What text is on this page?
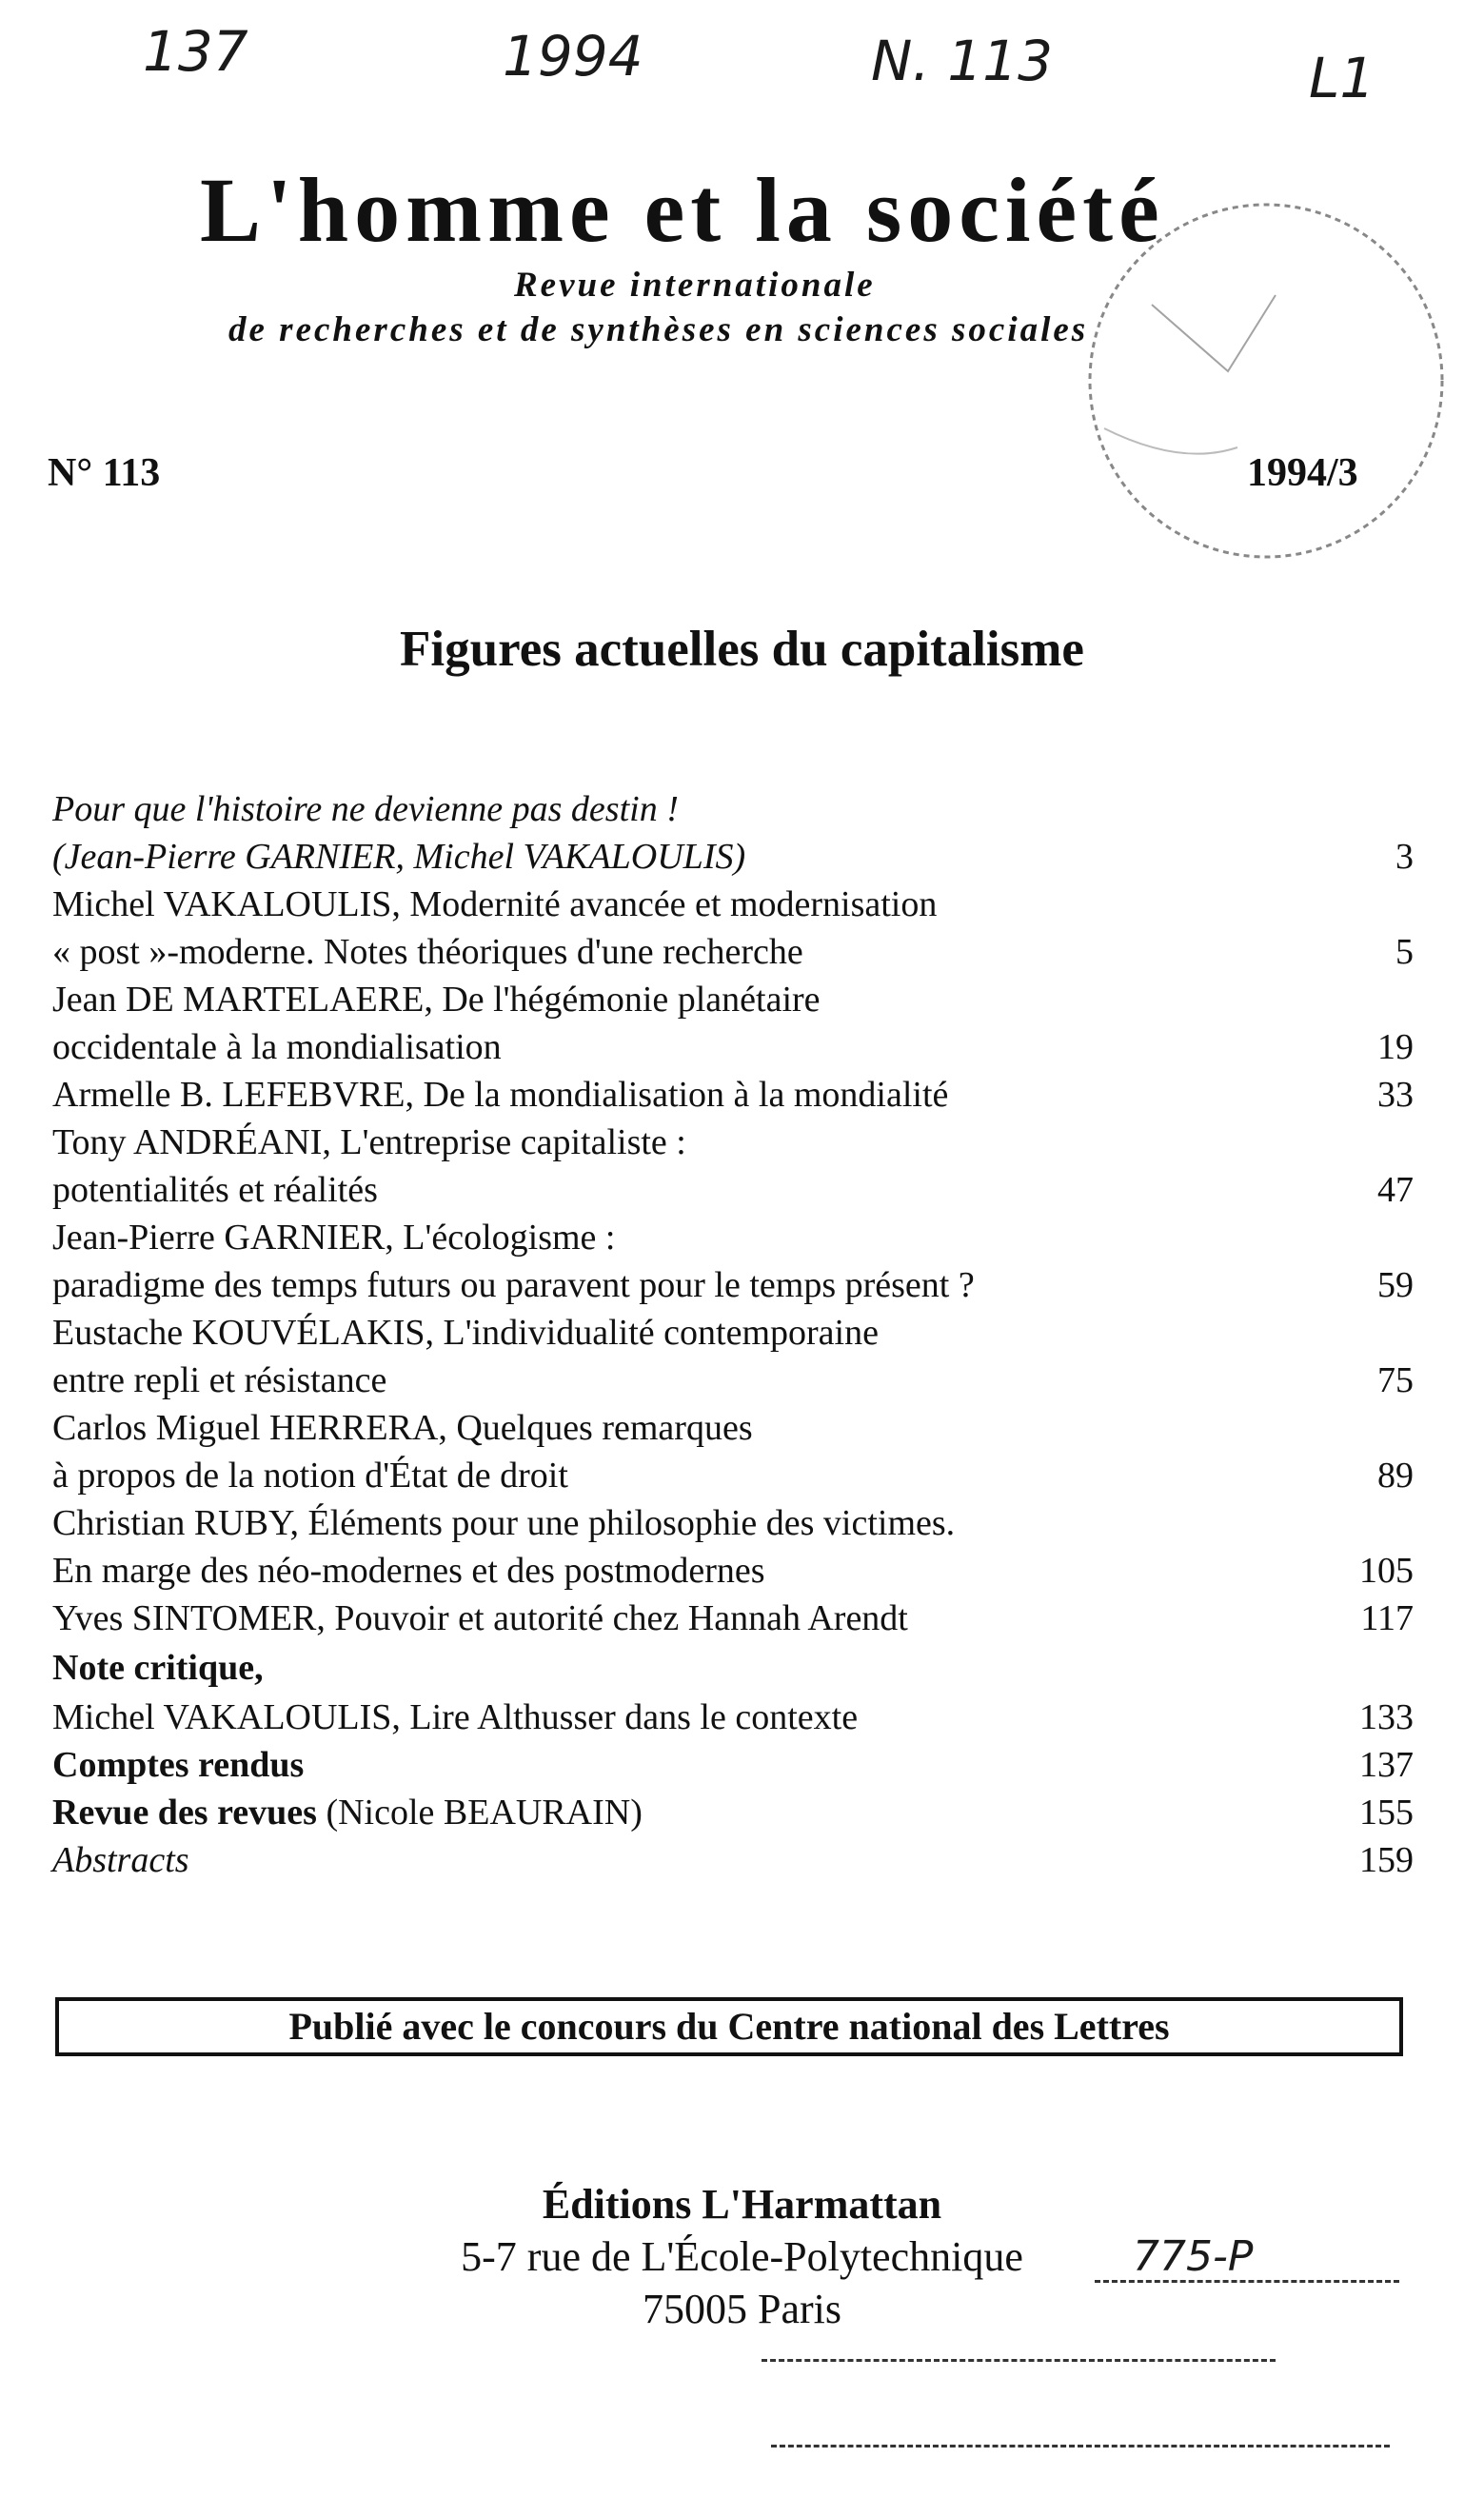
137	1994	N. 113	L1
L'homme et la société
Revue internationale
de recherches et de synthèses en sciences sociales
N° 113	1994/3
Figures actuelles du capitalisme
Pour que l'histoire ne devienne pas destin !
(Jean-Pierre GARNIER, Michel VAKALOULIS)	3
Michel VAKALOULIS, Modernité avancée et modernisation
« post »-moderne. Notes théoriques d'une recherche	5
Jean DE MARTELAERE, De l'hégémonie planétaire
occidentale à la mondialisation	19
Armelle B. LEFEBVRE, De la mondialisation à la mondialité	33
Tony ANDRÉANI, L'entreprise capitaliste :
potentialités et réalités	47
Jean-Pierre GARNIER, L'écologisme :
paradigme des temps futurs ou paravent pour le temps présent ?	59
Eustache KOUVÉLAKIS, L'individualité contemporaine
entre repli et résistance	75
Carlos Miguel HERRERA, Quelques remarques
à propos de la notion d'État de droit	89
Christian RUBY, Éléments pour une philosophie des victimes.
En marge des néo-modernes et des postmodernes	105
Yves SINTOMER, Pouvoir et autorité chez Hannah Arendt	117
Note critique,
Michel VAKALOULIS, Lire Althusser dans le contexte	133
Comptes rendus	137
Revue des revues (Nicole BEAURAIN)	155
Abstracts	159
Publié avec le concours du Centre national des Lettres
Éditions L'Harmattan
5-7 rue de L'École-Polytechnique
75005 Paris
775-P
